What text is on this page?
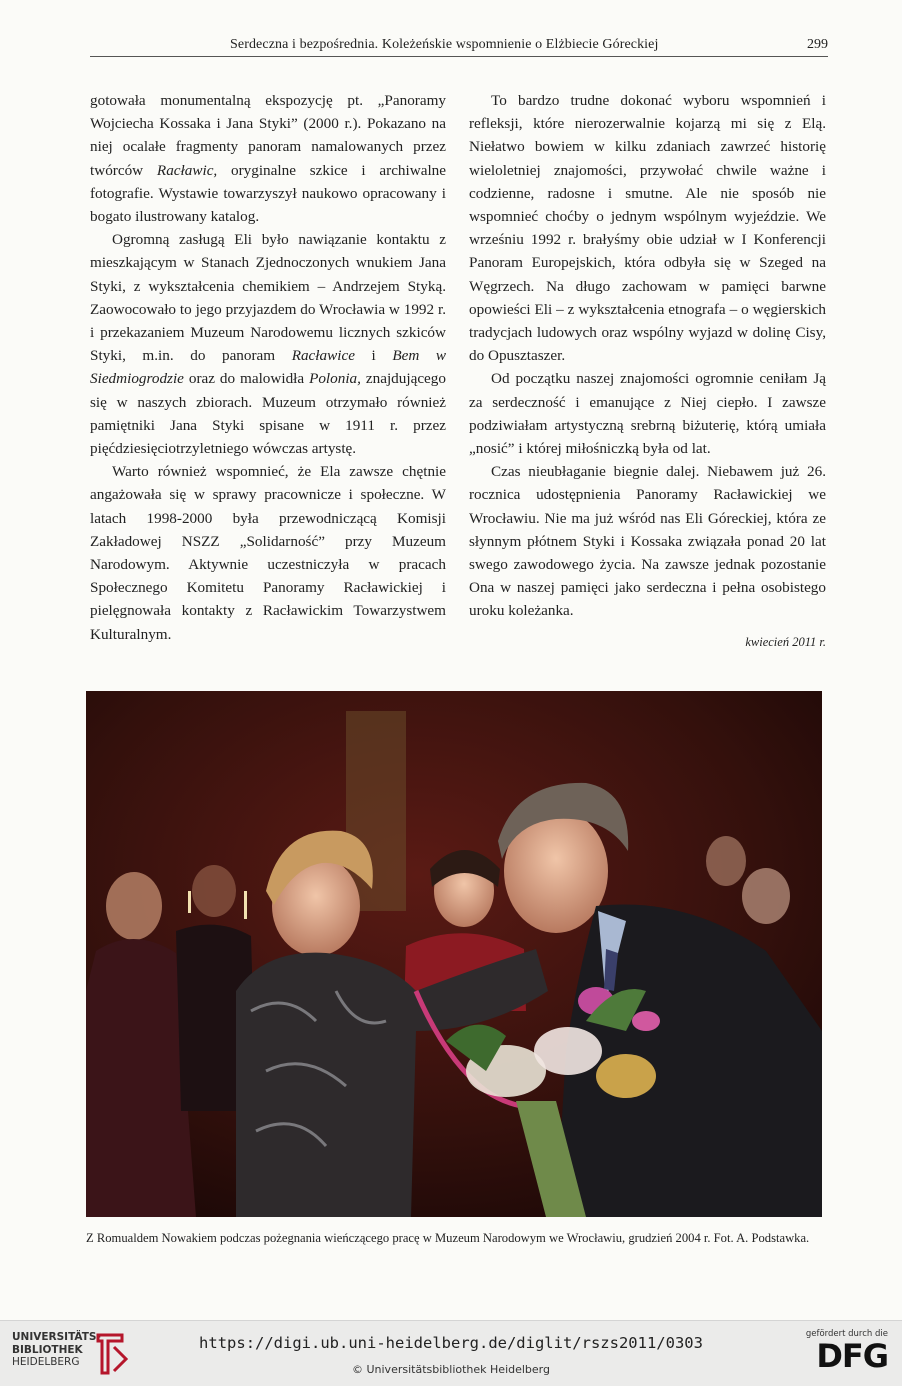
Serdeczna i bezpośrednia. Koleżeńskie wspomnienie o Elżbiecie Góreckiej	299

gotowała monumentalną ekspozycję pt. „Panoramy Wojciecha Kossaka i Jana Styki” (2000 r.). Pokazano na niej ocalałe fragmenty panoram namalowanych przez twórców Racławic, oryginalne szkice i archiwalne fotografie. Wystawie towarzyszył naukowo opracowany i bogato ilustrowany katalog.

Ogromną zasługą Eli było nawiązanie kontaktu z mieszkającym w Stanach Zjednoczonych wnukiem Jana Styki, z wykształcenia chemikiem – Andrzejem Styką. Zaowocowało to jego przyjazdem do Wrocławia w 1992 r. i przekazaniem Muzeum Narodowemu licznych szkiców Styki, m.in. do panoram Racławice i Bem w Siedmiogrodzie oraz do malowidła Polonia, znajdującego się w naszych zbiorach. Muzeum otrzymało również pamiętniki Jana Styki spisane w 1911 r. przez pięćdziesięciotrzyletniego wówczas artystę.

Warto również wspomnieć, że Ela zawsze chętnie angażowała się w sprawy pracownicze i społeczne. W latach 1998-2000 była przewodniczącą Komisji Zakładowej NSZZ „Solidarność” przy Muzeum Narodowym. Aktywnie uczestniczyła w pracach Społecznego Komitetu Panoramy Racławickiej i pielęgnowała kontakty z Racławickim Towarzystwem Kulturalnym.

To bardzo trudne dokonać wyboru wspomnień i refleksji, które nierozerwalnie kojarzą mi się z Elą. Niełatwo bowiem w kilku zdaniach zawrzeć historię wieloletniej znajomości, przywołać chwile ważne i codzienne, radosne i smutne. Ale nie sposób nie wspomnieć choćby o jednym wspólnym wyjeździe. We wrześniu 1992 r. brałyśmy obie udział w I Konferencji Panoram Europejskich, która odbyła się w Szeged na Węgrzech. Na długo zachowam w pamięci barwne opowieści Eli – z wykształcenia etnografa – o węgierskich tradycjach ludowych oraz wspólny wyjazd w dolinę Cisy, do Opusztaszer.

Od początku naszej znajomości ogromnie ceniłam Ją za serdeczność i emanujące z Niej ciepło. I zawsze podziwiałam artystyczną srebrną biżuterię, którą umiała „nosić” i której miłośniczką była od lat.

Czas nieubłaganie biegnie dalej. Niebawem już 26. rocznica udostępnienia Panoramy Racławickiej we Wrocławiu. Nie ma już wśród nas Eli Góreckiej, która ze słynnym płótnem Styki i Kossaka związała ponad 20 lat swego zawodowego życia. Na zawsze jednak pozostanie Ona w naszej pamięci jako serdeczna i pełna osobistego uroku koleżanka.

kwiecień 2011 r.
Z Romualdem Nowakiem podczas pożegnania wieńczącego pracę w Muzeum Narodowym we Wrocławiu, grudzień 2004 r. Fot. A. Podstawka.
UNIVERSITÄTS-
BIBLIOTHEK
HEIDELBERG
https://digi.ub.uni-heidelberg.de/diglit/rszs2011/0303
© Universitätsbibliothek Heidelberg
gefördert durch die
DFG
